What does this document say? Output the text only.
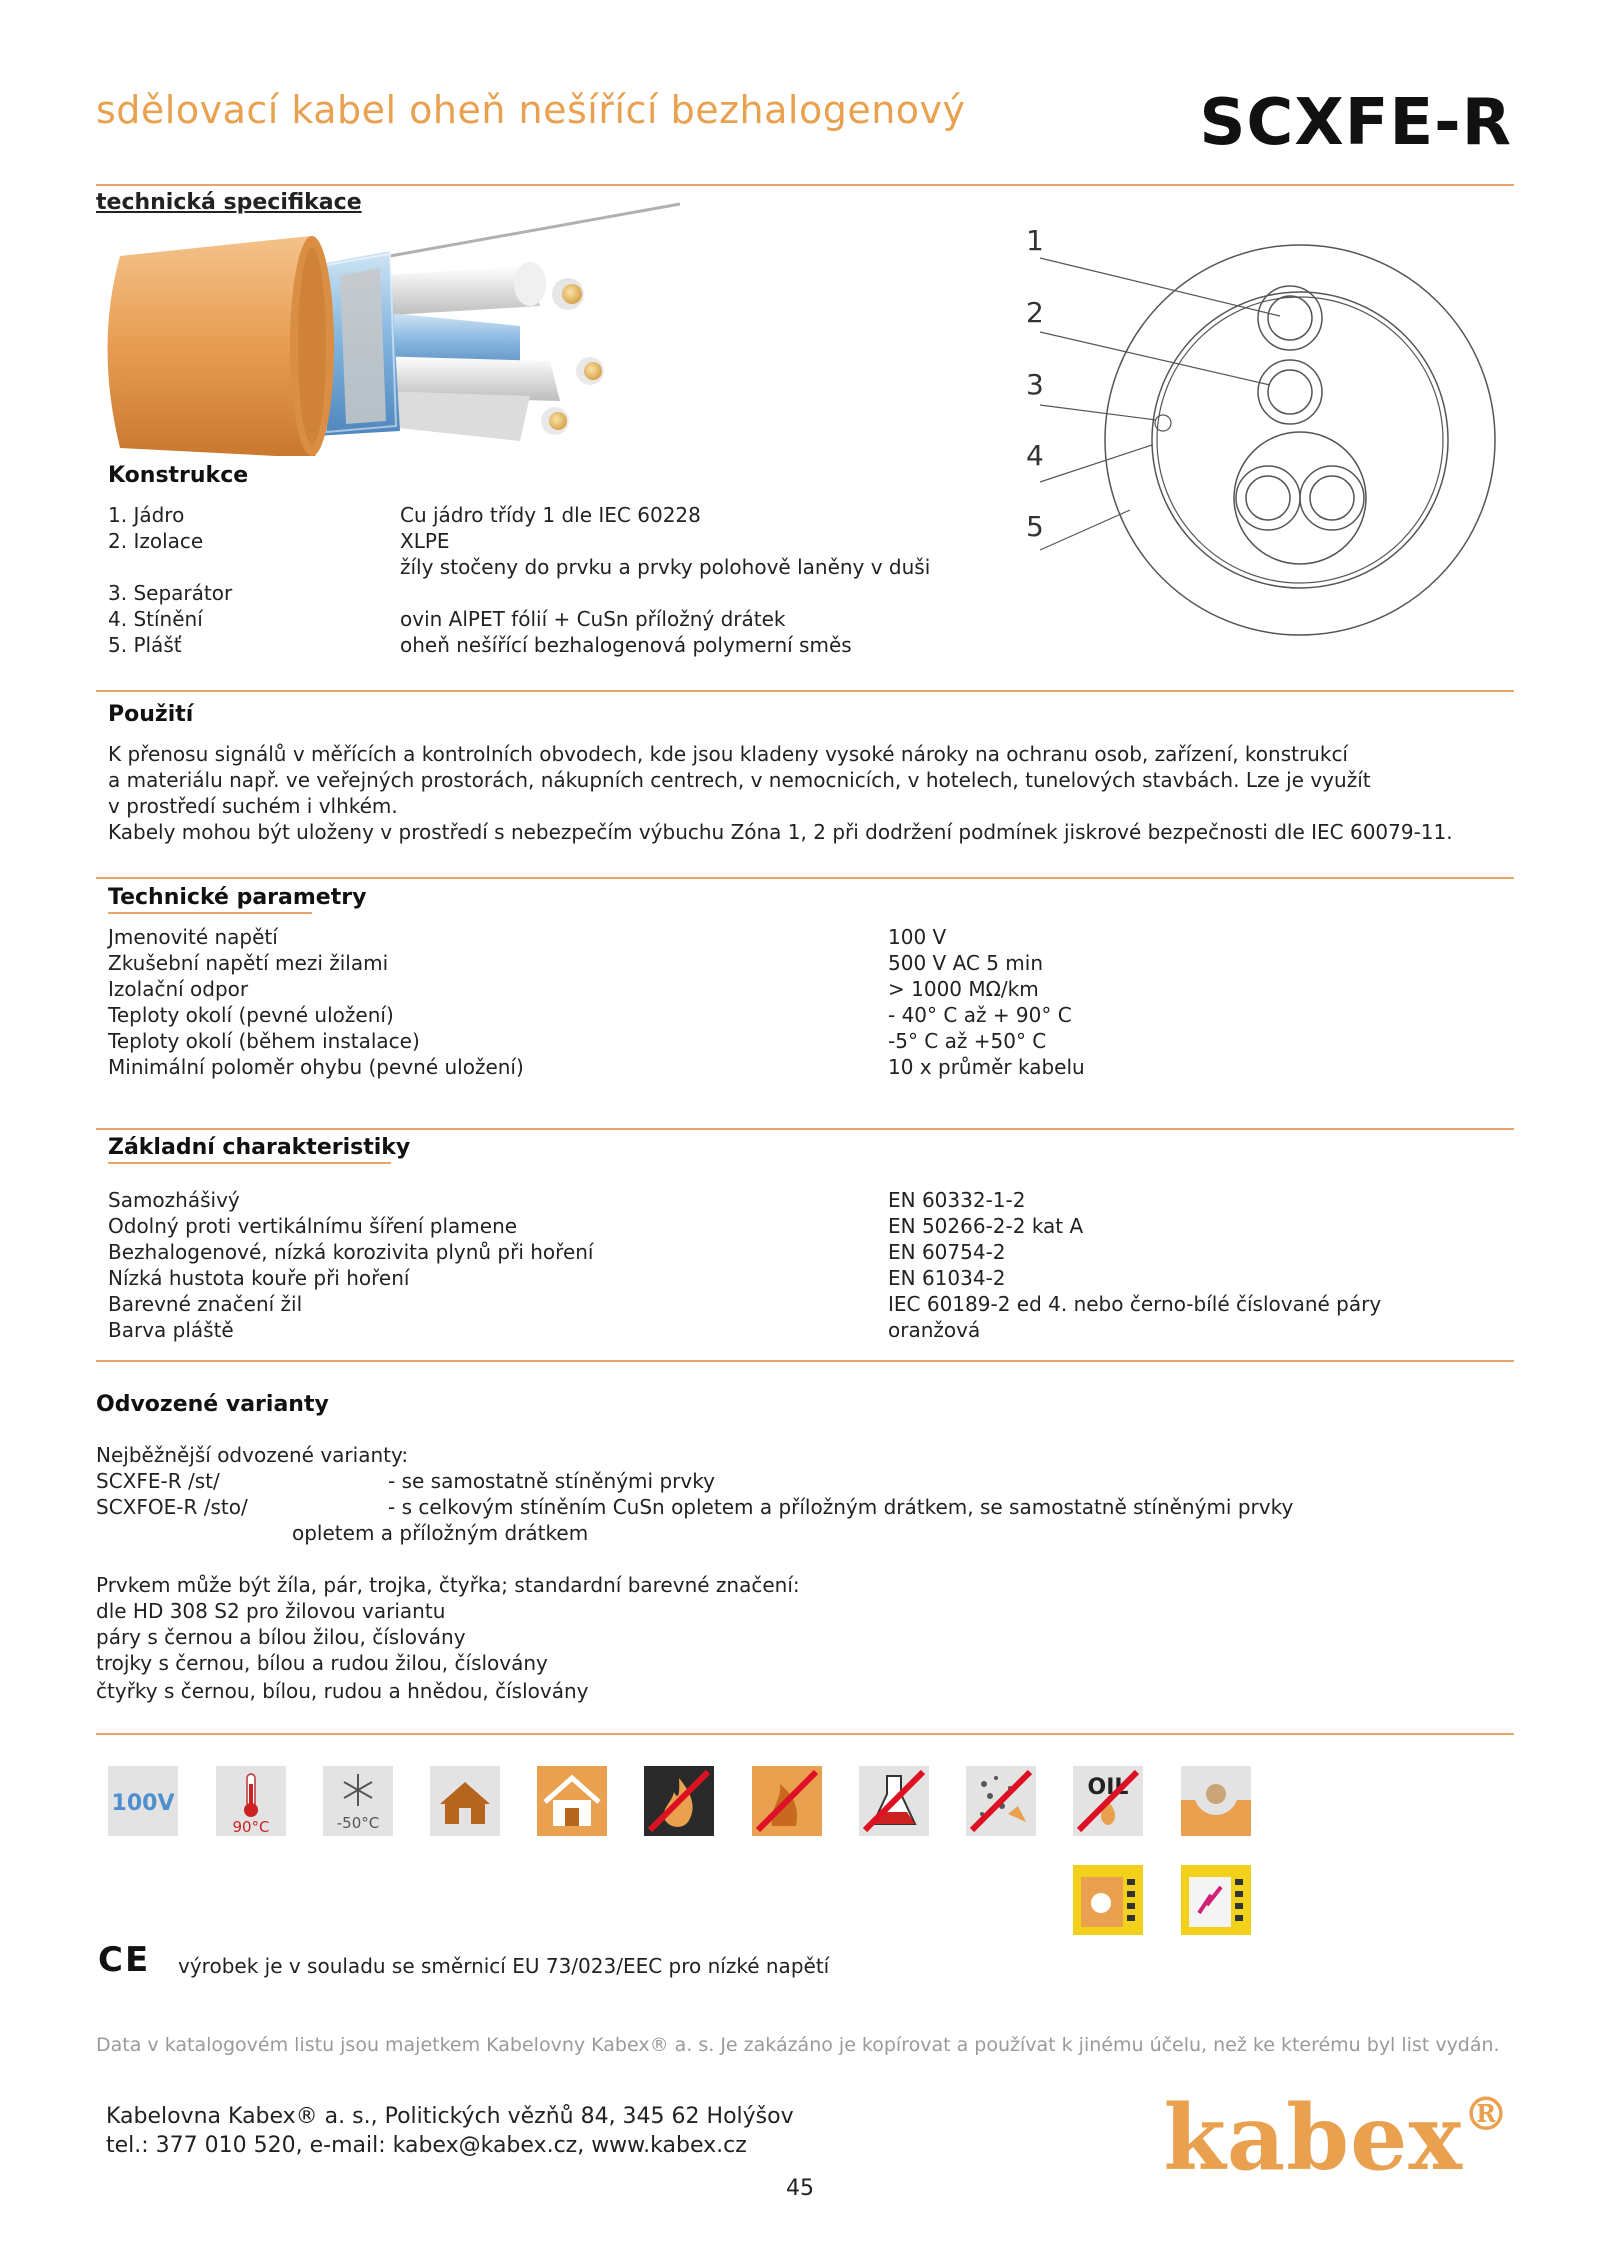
sdělovací kabel oheň nešířící bezhalogenový	SCXFE-R
technická specifikace
1
2
3
4
5
Konstrukce
1. Jádro	Cu jádro třídy 1 dle IEC 60228
2. Izolace	XLPE
žíly stočeny do prvku a prvky polohově laněny v duši
3. Separátor
4. Stínění	ovin AlPET fólií + CuSn příložný drátek
5. Plášť	oheň nešířící bezhalogenová polymerní směs
Použití
K přenosu signálů v měřících a kontrolních obvodech, kde jsou kladeny vysoké nároky na ochranu osob, zařízení, konstrukcí
a materiálu např. ve veřejných prostorách, nákupních centrech, v nemocnicích, v hotelech, tunelových stavbách. Lze je využít
v prostředí suchém i vlhkém.
Kabely mohou být uloženy v prostředí s nebezpečím výbuchu Zóna 1, 2 při dodržení podmínek jiskrové bezpečnosti dle IEC 60079-11.
Technické parametry
Jmenovité napětí	100 V
Zkušební napětí mezi žilami	500 V AC 5 min
Izolační odpor	> 1000 MΩ/km
Teploty okolí (pevné uložení)	- 40° C až + 90° C
Teploty okolí (během instalace)	-5° C až +50° C
Minimální poloměr ohybu (pevné uložení)	10 x průměr kabelu
Základní charakteristiky
Samozhášivý	EN 60332-1-2
Odolný proti vertikálnímu šíření plamene	EN 50266-2-2 kat A
Bezhalogenové, nízká korozivita plynů při hoření	EN 60754-2
Nízká hustota kouře při hoření	EN 61034-2
Barevné značení žil	IEC 60189-2 ed 4. nebo černo-bílé číslované páry
Barva pláště	oranžová
Odvozené varianty
Nejběžnější odvozené varianty:
SCXFE-R /st/	- se samostatně stíněnými prvky
SCXFOE-R /sto/	- s celkovým stíněním CuSn opletem a příložným drátkem, se samostatně stíněnými prvky
opletem a příložným drátkem
Prvkem může být žíla, pár, trojka, čtyřka; standardní barevné značení:
dle HD 308 S2 pro žilovou variantu
páry s černou a bílou žilou, číslovány
trojky s černou, bílou a rudou žilou, číslovány
čtyřky s černou, bílou, rudou a hnědou, číslovány
100V
90°C	-50°C
OIL
CE výrobek je v souladu se směrnicí EU 73/023/EEC pro nízké napětí
Data v katalogovém listu jsou majetkem Kabelovny Kabex® a. s. Je zakázáno je kopírovat a používat k jinému účelu, než ke kterému byl list vydán.
Kabelovna Kabex® a. s., Politických vězňů 84, 345 62 Holýšov
tel.: 377 010 520, e-mail: kabex@kabex.cz, www.kabex.cz	kabex®
45
